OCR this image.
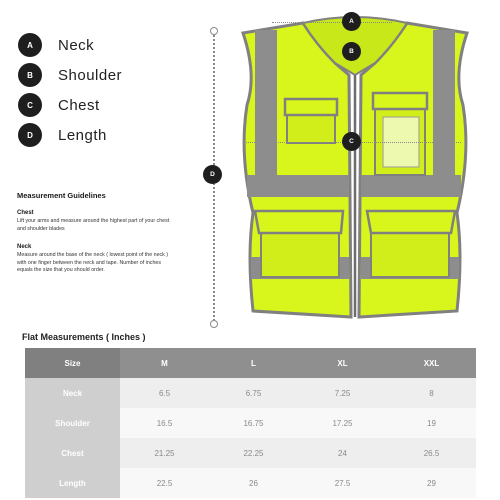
A	Neck
B	Shoulder
C	Chest
D	Length
Measurement Guidelines
Chest

Lift your arms and measure around the highest part of your chest and shoulder blades

Neck

Measure around the base of the neck ( lowest point of the neck ) with one finger between the neck and tape. Number of inches equals the size that you should order.

A
B
C
D
Flat Measurements ( Inches )
Size	M	L	XL	XXL
Neck	6.5	6.75	7.25	8
Shoulder	16.5	16.75	17.25	19
Chest	21.25	22.25	24	26.5
Length	22.5	26	27.5	29
